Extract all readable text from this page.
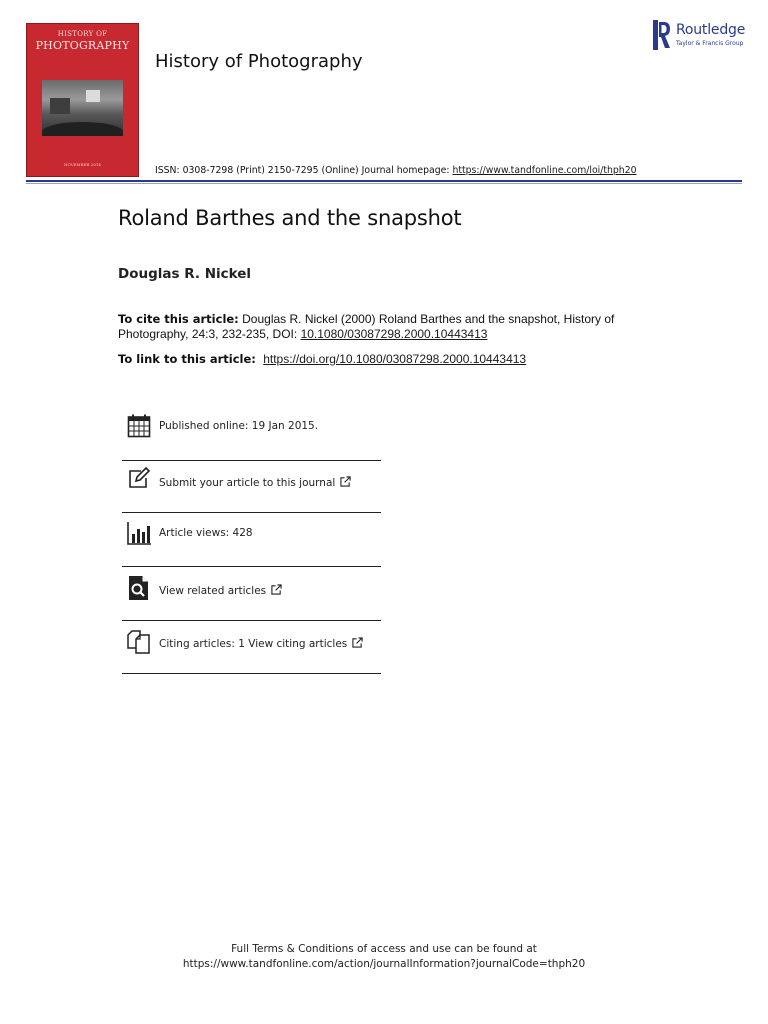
HISTORY OF
PHOTOGRAPHY
NOVEMBER 2014
History of Photography
ISSN: 0308-7298 (Print) 2150-7295 (Online) Journal homepage: https://www.tandfonline.com/loi/thph20
Routledge
Taylor & Francis Group
Roland Barthes and the snapshot
Douglas R. Nickel
To cite this article: Douglas R. Nickel (2000) Roland Barthes and the snapshot, History of Photography, 24:3, 232-235, DOI: 10.1080/03087298.2000.10443413
To link to this article: https://doi.org/10.1080/03087298.2000.10443413
Published online: 19 Jan 2015.
Submit your article to this journal
Article views: 428
View related articles
Citing articles: 1 View citing articles
Full Terms & Conditions of access and use can be found at
https://www.tandfonline.com/action/journalInformation?journalCode=thph20
